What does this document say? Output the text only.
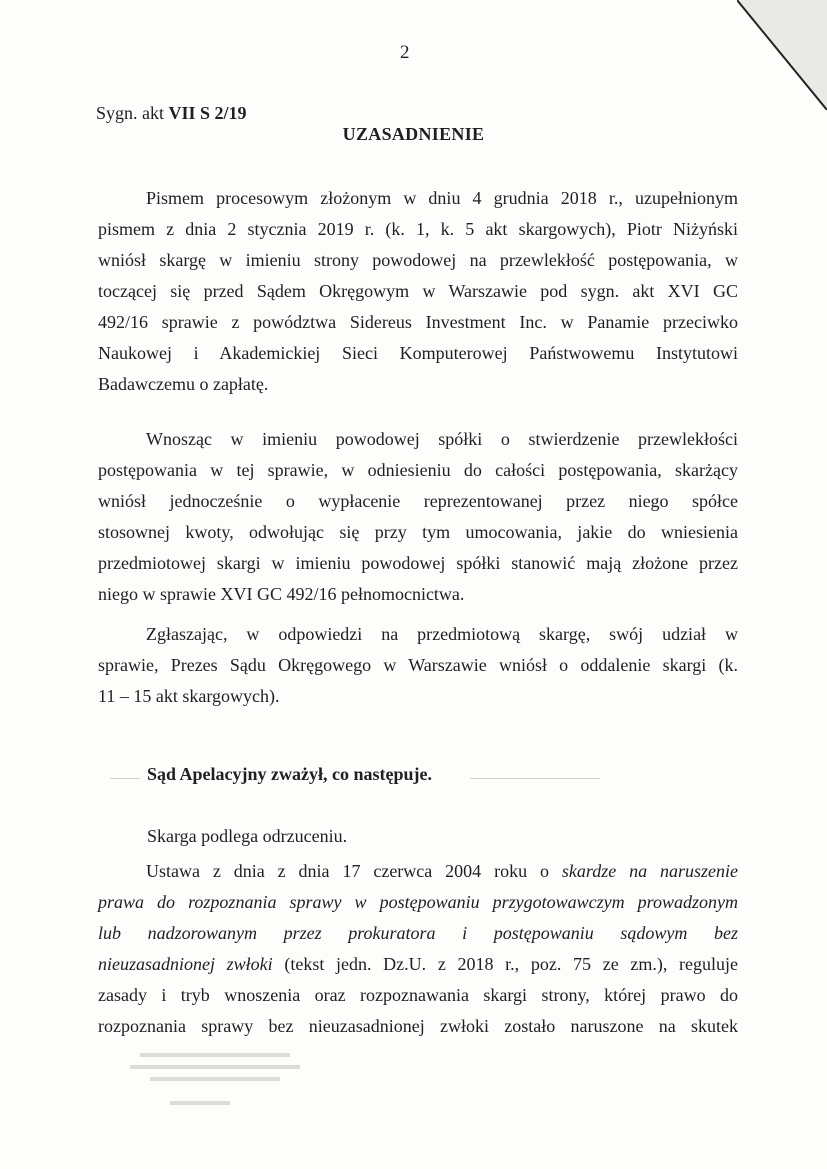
2
Sygn. akt VII S 2/19
UZASADNIENIE
Pismem procesowym złożonym w dniu 4 grudnia 2018 r., uzupełnionym
pismem z dnia 2 stycznia 2019 r. (k. 1, k. 5 akt skargowych), Piotr Niżyński
wniósł skargę w imieniu strony powodowej na przewlekłość postępowania, w
toczącej się przed Sądem Okręgowym w Warszawie pod sygn. akt XVI GC
492/16 sprawie z powództwa Sidereus Investment Inc. w Panamie przeciwko
Naukowej i Akademickiej Sieci Komputerowej Państwowemu Instytutowi
Badawczemu o zapłatę.
Wnosząc w imieniu powodowej spółki o stwierdzenie przewlekłości
postępowania w tej sprawie, w odniesieniu do całości postępowania, skarżący
wniósł jednocześnie o wypłacenie reprezentowanej przez niego spółce
stosownej kwoty, odwołując się przy tym umocowania, jakie do wniesienia
przedmiotowej skargi w imieniu powodowej spółki stanowić mają złożone przez
niego w sprawie XVI GC 492/16 pełnomocnictwa.
Zgłaszając, w odpowiedzi na przedmiotową skargę, swój udział w
sprawie, Prezes Sądu Okręgowego w Warszawie wniósł o oddalenie skargi (k.
11 – 15 akt skargowych).
Sąd Apelacyjny zważył, co następuje.
Skarga podlega odrzuceniu.
Ustawa z dnia z dnia 17 czerwca 2004 roku o skardze na naruszenie
prawa do rozpoznania sprawy w postępowaniu przygotowawczym prowadzonym
lub nadzorowanym przez prokuratora i postępowaniu sądowym bez
nieuzasadnionej zwłoki (tekst jedn. Dz.U. z 2018 r., poz. 75 ze zm.), reguluje
zasady i tryb wnoszenia oraz rozpoznawania skargi strony, której prawo do
rozpoznania sprawy bez nieuzasadnionej zwłoki zostało naruszone na skutek
